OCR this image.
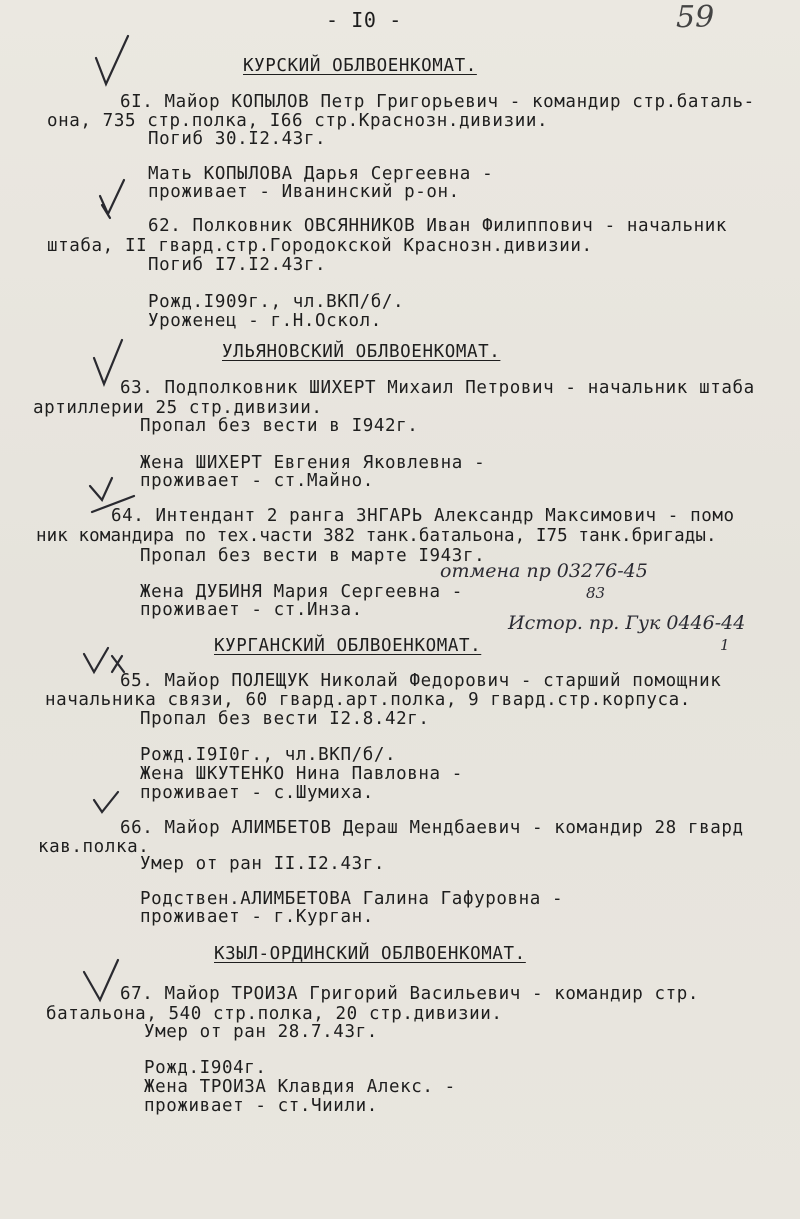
- I0 -	59
КУРСКИЙ ОБЛВОЕНКОМАТ.
6I. Майор КОПЫЛОВ Петр Григорьевич - командир стр.баталь-
она, 735 стр.полка, I66 стр.Краснозн.дивизии.
Погиб 30.I2.43г.
Мать КОПЫЛОВА Дарья Сергеевна -
проживает - Иванинский р-он.
62. Полковник ОВСЯННИКОВ Иван Филиппович - начальник
штаба, II гвард.стр.Городокской Краснозн.дивизии.
Погиб I7.I2.43г.
Рожд.I909г., чл.ВКП/б/.
Уроженец - г.Н.Оскол.
УЛЬЯНОВСКИЙ ОБЛВОЕНКОМАТ.
63. Подполковник ШИХЕРТ Михаил Петрович - начальник штаба
артиллерии 25 стр.дивизии.
Пропал без вести в I942г.
Жена ШИХЕРТ Евгения Яковлевна -
проживает - ст.Майно.
64. Интендант 2 ранга ЗНГАРЬ Александр Максимович - помо
ник командира по тех.части 382 танк.батальона, I75 танк.бригады.
Пропал без вести в марте I943г.
Жена ДУБИНЯ Мария Сергеевна -
проживает - ст.Инза.
отмена пр 03276-45
83
Истор. пр. Гук 0446-44
1
КУРГАНСКИЙ ОБЛВОЕНКОМАТ.
65. Майор ПОЛЕЩУК Николай Федорович - старший помощник
начальника связи, 60 гвард.арт.полка, 9 гвард.стр.корпуса.
Пропал без вести I2.8.42г.
Рожд.I9I0г., чл.ВКП/б/.
Жена ШКУТЕНКО Нина Павловна -
проживает - с.Шумиха.
66. Майор АЛИМБЕТОВ Дераш Мендбаевич - командир 28 гвард
кав.полка.
Умер от ран II.I2.43г.
Родствен.АЛИМБЕТОВА Галина Гафуровна -
проживает - г.Курган.
КЗЫЛ-ОРДИНСКИЙ ОБЛВОЕНКОМАТ.
67. Майор ТРОИЗА Григорий Васильевич - командир стр.
батальона, 540 стр.полка, 20 стр.дивизии.
Умер от ран 28.7.43г.
Рожд.I904г.
Жена ТРОИЗА Клавдия Алекс. -
проживает - ст.Чиили.
